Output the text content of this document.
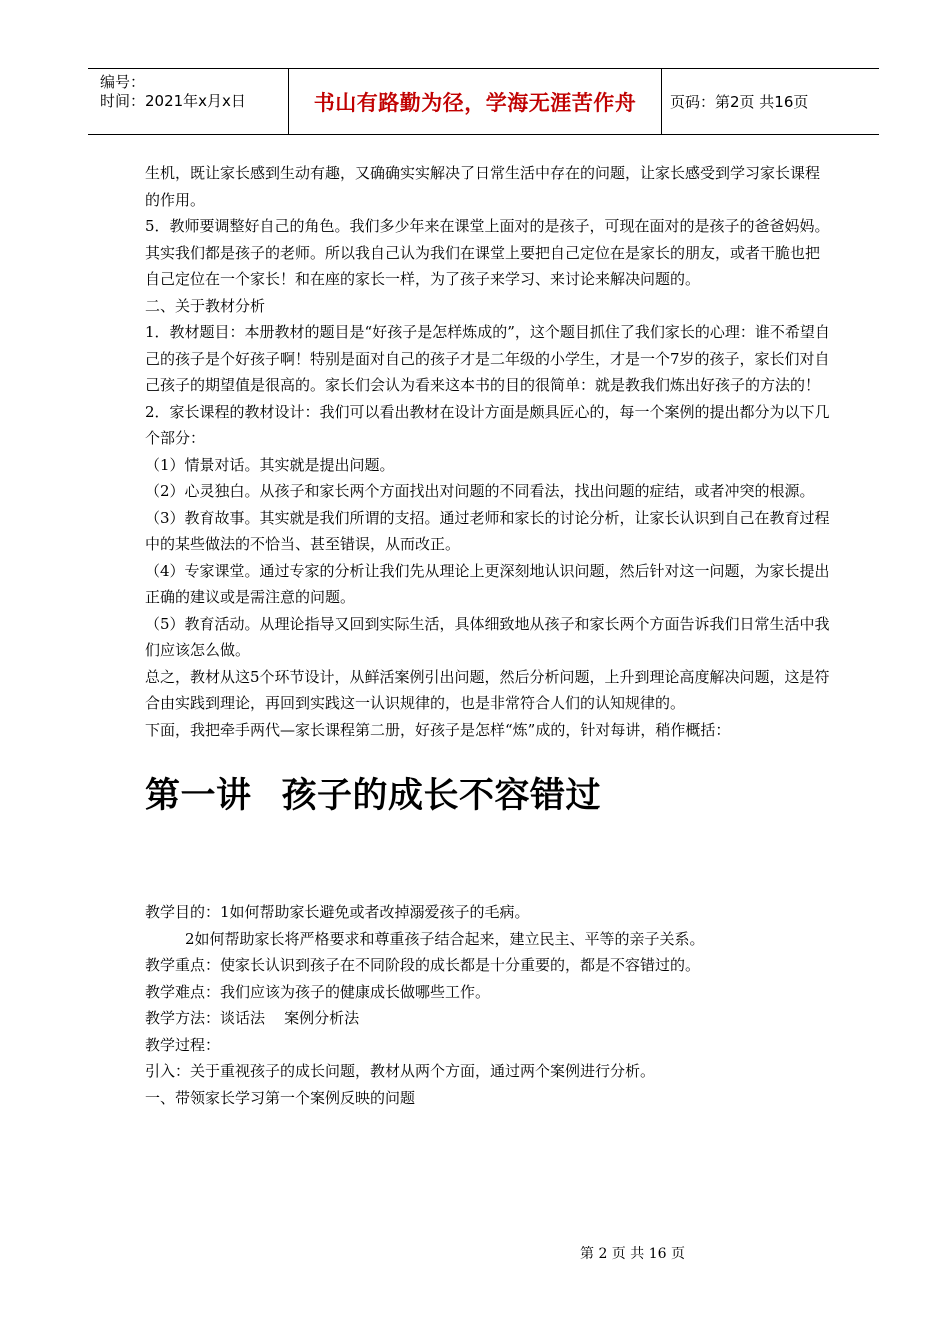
编号：
时间：2021年x月x日	书山有路勤为径，学海无涯苦作舟 页码：第2页 共16页

生机，既让家长感到生动有趣，又确确实实解决了日常生活中存在的问题，让家长感受到学习家长课程的作用。

5．教师要调整好自己的角色。我们多少年来在课堂上面对的是孩子，可现在面对的是孩子的爸爸妈妈。其实我们都是孩子的老师。所以我自己认为我们在课堂上要把自己定位在是家长的朋友，或者干脆也把自己定位在一个家长！和在座的家长一样，为了孩子来学习、来讨论来解决问题的。

二、关于教材分析

1．教材题目：本册教材的题目是“好孩子是怎样炼成的”，这个题目抓住了我们家长的心理：谁不希望自己的孩子是个好孩子啊！特别是面对自己的孩子才是二年级的小学生，才是一个7岁的孩子，家长们对自己孩子的期望值是很高的。家长们会认为看来这本书的目的很简单：就是教我们炼出好孩子的方法的！

2．家长课程的教材设计：我们可以看出教材在设计方面是颇具匠心的，每一个案例的提出都分为以下几个部分：

（1）情景对话。其实就是提出问题。

（2）心灵独白。从孩子和家长两个方面找出对问题的不同看法，找出问题的症结，或者冲突的根源。

（3）教育故事。其实就是我们所谓的支招。通过老师和家长的讨论分析，让家长认识到自己在教育过程中的某些做法的不恰当、甚至错误，从而改正。

（4）专家课堂。通过专家的分析让我们先从理论上更深刻地认识问题，然后针对这一问题，为家长提出正确的建议或是需注意的问题。

（5）教育活动。从理论指导又回到实际生活，具体细致地从孩子和家长两个方面告诉我们日常生活中我们应该怎么做。

总之，教材从这5个环节设计，从鲜活案例引出问题，然后分析问题，上升到理论高度解决问题，这是符合由实践到理论，再回到实践这一认识规律的，也是非常符合人们的认知规律的。

下面，我把牵手两代—家长课程第二册，好孩子是怎样“炼”成的，针对每讲，稍作概括：

第一讲 孩子的成长不容错过

教学目的：1如何帮助家长避免或者改掉溺爱孩子的毛病。

2如何帮助家长将严格要求和尊重孩子结合起来，建立民主、平等的亲子关系。

教学重点：使家长认识到孩子在不同阶段的成长都是十分重要的，都是不容错过的。

教学难点：我们应该为孩子的健康成长做哪些工作。

教学方法：谈话法    案例分析法

教学过程：

引入：关于重视孩子的成长问题，教材从两个方面，通过两个案例进行分析。

一、带领家长学习第一个案例反映的问题

第 2 页 共 16 页
